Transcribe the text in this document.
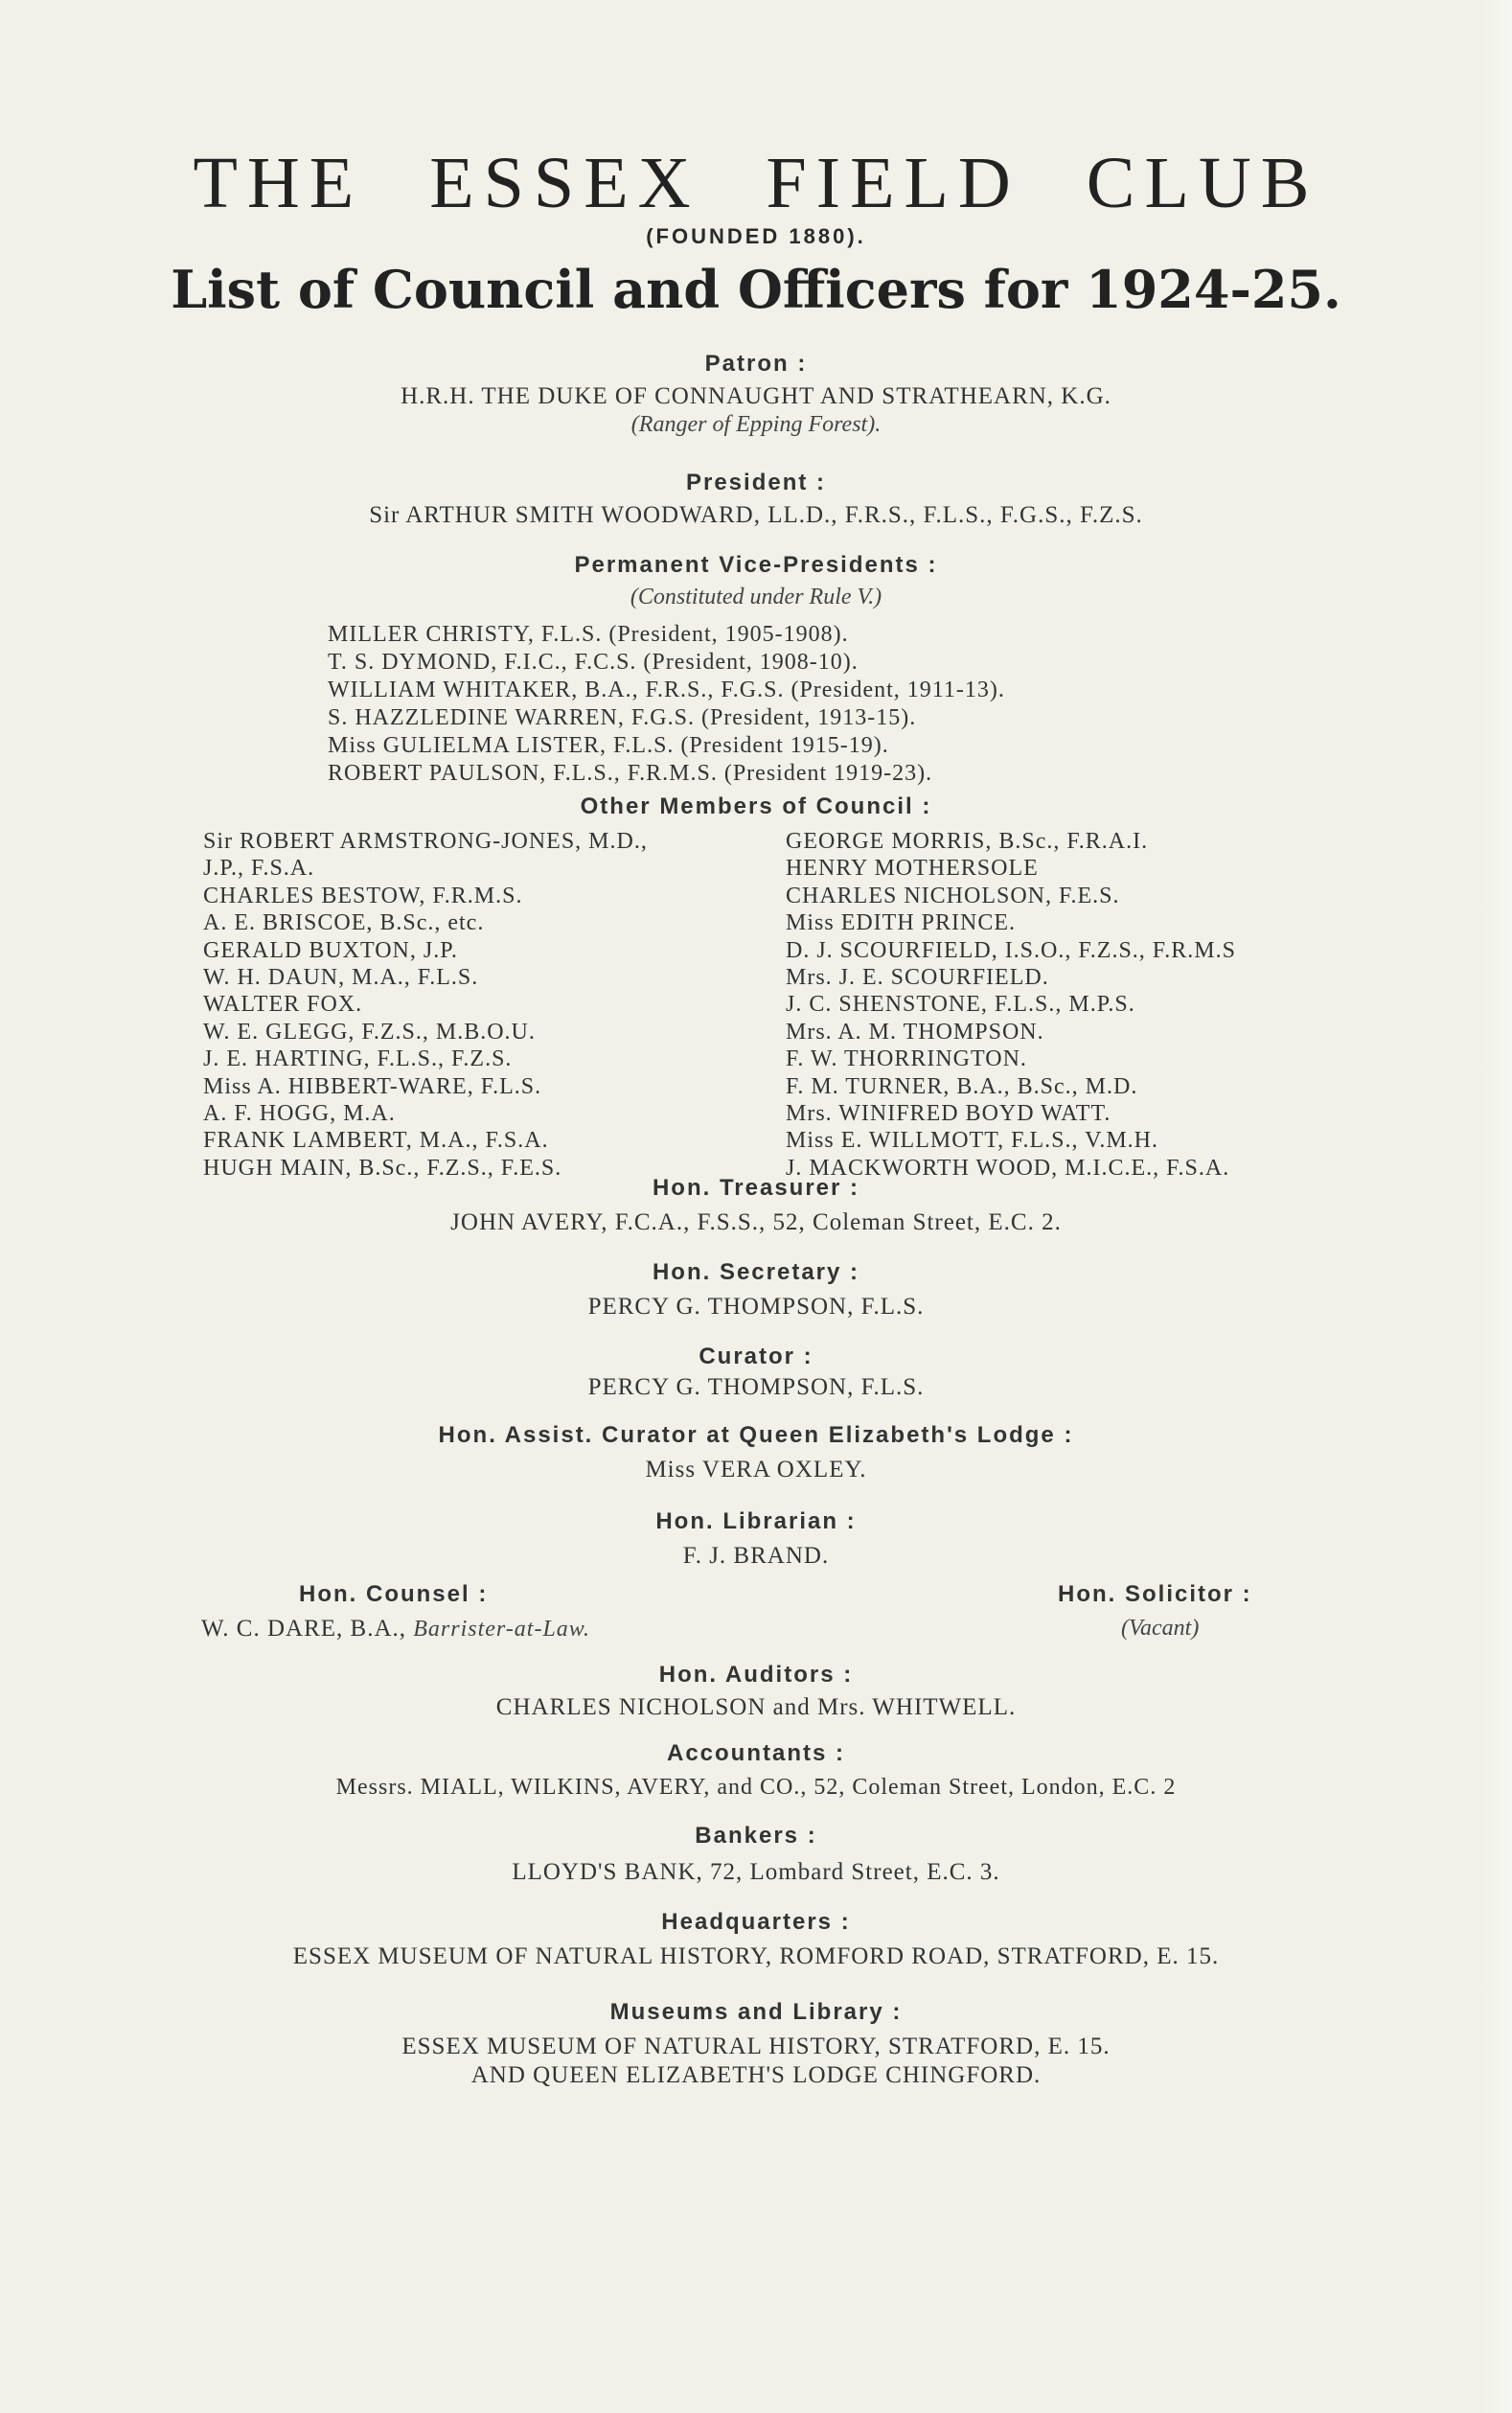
THE ESSEX FIELD CLUB
(FOUNDED 1880).
List of Council and Officers for 1924-25.
Patron :
H.R.H. THE DUKE OF CONNAUGHT AND STRATHEARN, K.G.
(Ranger of Epping Forest).
President :
Sir ARTHUR SMITH WOODWARD, LL.D., F.R.S., F.L.S., F.G.S., F.Z.S.
Permanent Vice-Presidents :
(Constituted under Rule V.)
MILLER CHRISTY, F.L.S. (President, 1905-1908).
T. S. DYMOND, F.I.C., F.C.S. (President, 1908-10).
WILLIAM WHITAKER, B.A., F.R.S., F.G.S. (President, 1911-13).
S. HAZZLEDINE WARREN, F.G.S. (President, 1913-15).
Miss GULIELMA LISTER, F.L.S. (President 1915-19).
ROBERT PAULSON, F.L.S., F.R.M.S. (President 1919-23).
Other Members of Council :
Sir ROBERT ARMSTRONG-JONES, M.D.,
J.P., F.S.A.
CHARLES BESTOW, F.R.M.S.
A. E. BRISCOE, B.Sc., etc.
GERALD BUXTON, J.P.
W. H. DAUN, M.A., F.L.S.
WALTER FOX.
W. E. GLEGG, F.Z.S., M.B.O.U.
J. E. HARTING, F.L.S., F.Z.S.
Miss A. HIBBERT-WARE, F.L.S.
A. F. HOGG, M.A.
FRANK LAMBERT, M.A., F.S.A.
HUGH MAIN, B.Sc., F.Z.S., F.E.S.
GEORGE MORRIS, B.Sc., F.R.A.I.
HENRY MOTHERSOLE
CHARLES NICHOLSON, F.E.S.
Miss EDITH PRINCE.
D. J. SCOURFIELD, I.S.O., F.Z.S., F.R.M.S
Mrs. J. E. SCOURFIELD.
J. C. SHENSTONE, F.L.S., M.P.S.
Mrs. A. M. THOMPSON.
F. W. THORRINGTON.
F. M. TURNER, B.A., B.Sc., M.D.
Mrs. WINIFRED BOYD WATT.
Miss E. WILLMOTT, F.L.S., V.M.H.
J. MACKWORTH WOOD, M.I.C.E., F.S.A.
Hon. Treasurer :
JOHN AVERY, F.C.A., F.S.S., 52, Coleman Street, E.C. 2.
Hon. Secretary :
PERCY G. THOMPSON, F.L.S.
Curator :
PERCY G. THOMPSON, F.L.S.
Hon. Assist. Curator at Queen Elizabeth's Lodge :
Miss VERA OXLEY.
Hon. Librarian :
F. J. BRAND.
Hon. Counsel :
W. C. DARE, B.A., Barrister-at-Law.
Hon. Solicitor :
(Vacant)
Hon. Auditors :
CHARLES NICHOLSON and Mrs. WHITWELL.
Accountants :
Messrs. MIALL, WILKINS, AVERY, and CO., 52, Coleman Street, London, E.C. 2
Bankers :
LLOYD'S BANK, 72, Lombard Street, E.C. 3.
Headquarters :
ESSEX MUSEUM OF NATURAL HISTORY, ROMFORD ROAD, STRATFORD, E. 15.
Museums and Library :
ESSEX MUSEUM OF NATURAL HISTORY, STRATFORD, E. 15.
AND QUEEN ELIZABETH'S LODGE CHINGFORD.
